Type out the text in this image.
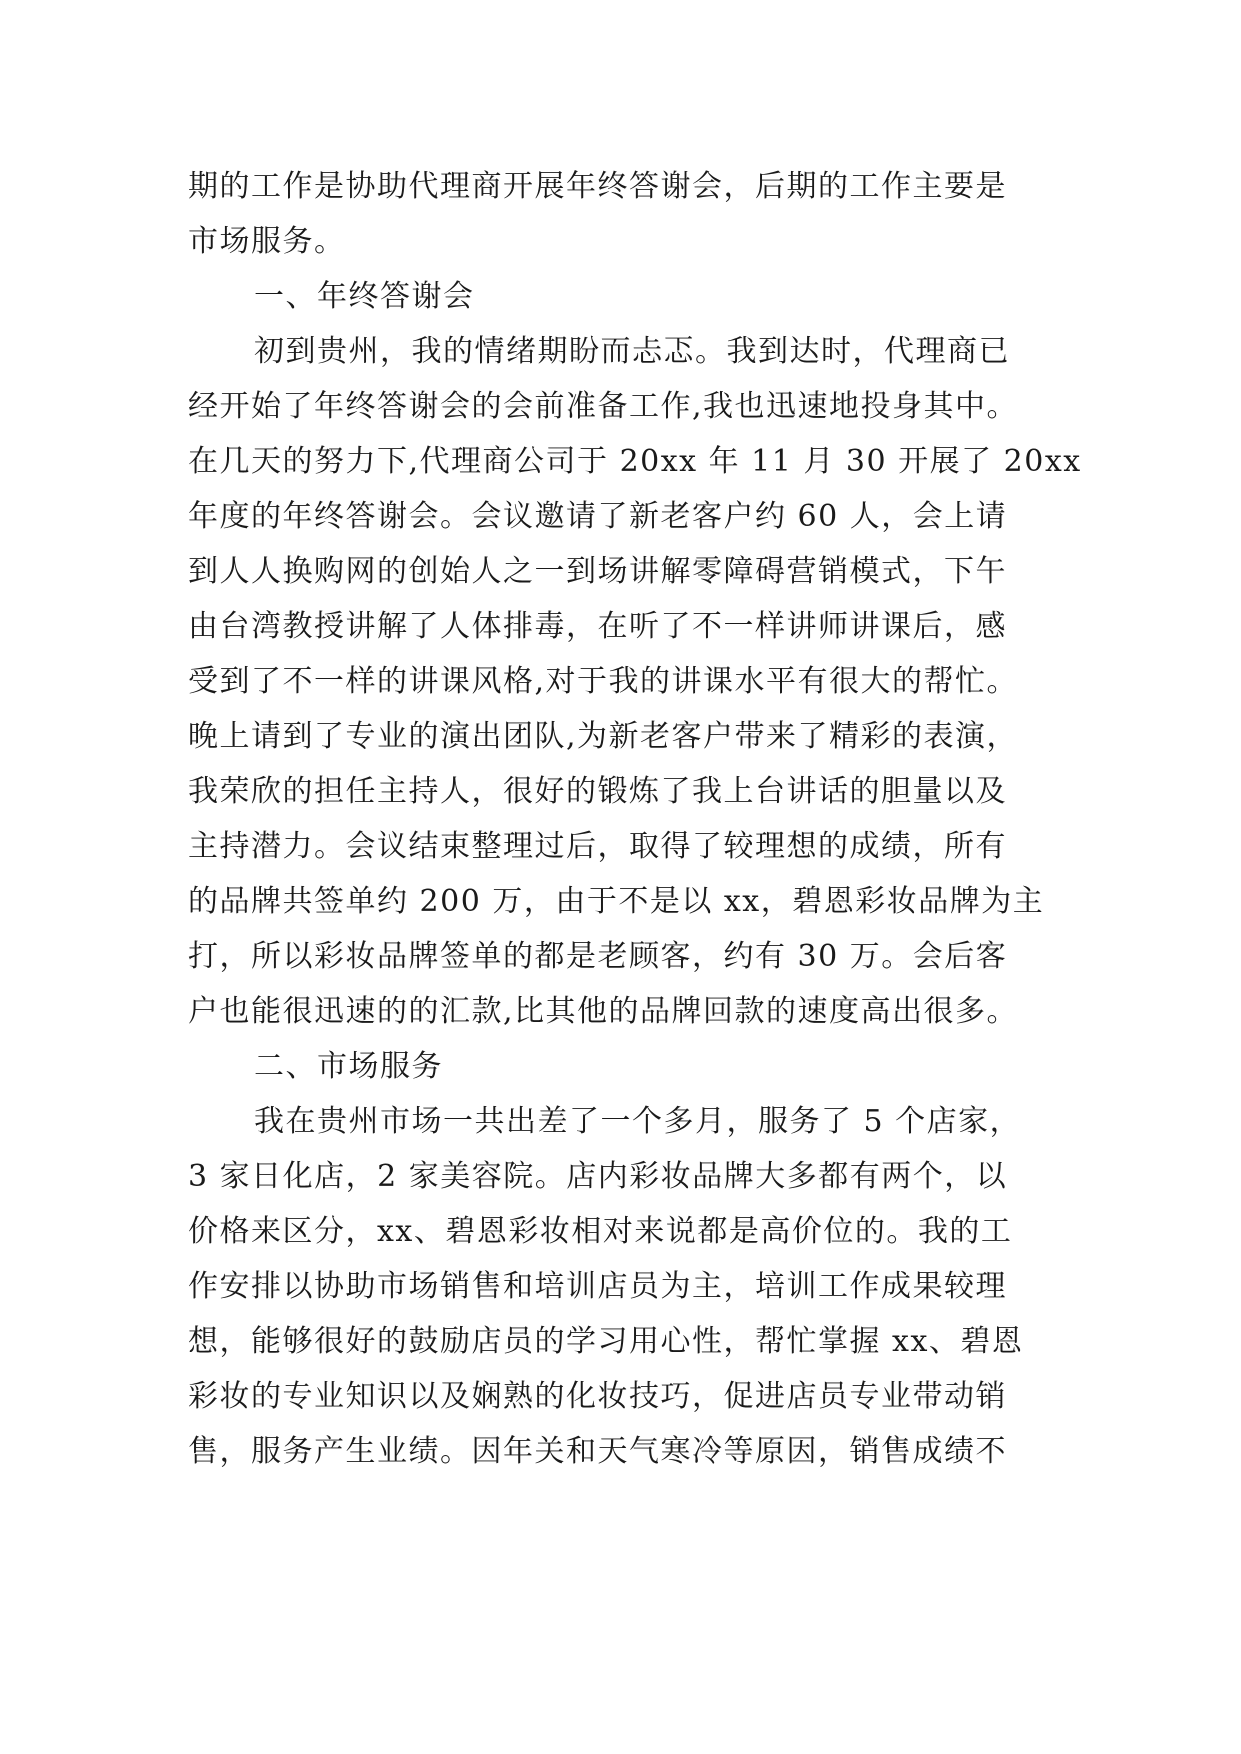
期的工作是协助代理商开展年终答谢会，后期的工作主要是

市场服务。

一、年终答谢会

初到贵州，我的情绪期盼而忐忑。我到达时，代理商已

经开始了年终答谢会的会前准备工作,我也迅速地投身其中。

在几天的努力下,代理商公司于 20xx 年 11 月 30 开展了 20xx

年度的年终答谢会。会议邀请了新老客户约 60 人，会上请

到人人换购网的创始人之一到场讲解零障碍营销模式，下午

由台湾教授讲解了人体排毒，在听了不一样讲师讲课后，感

受到了不一样的讲课风格,对于我的讲课水平有很大的帮忙。

晚上请到了专业的演出团队,为新老客户带来了精彩的表演，

我荣欣的担任主持人，很好的锻炼了我上台讲话的胆量以及

主持潜力。会议结束整理过后，取得了较理想的成绩，所有

的品牌共签单约 200 万，由于不是以 xx，碧恩彩妆品牌为主

打，所以彩妆品牌签单的都是老顾客，约有 30 万。会后客

户也能很迅速的的汇款,比其他的品牌回款的速度高出很多。

二、市场服务

我在贵州市场一共出差了一个多月，服务了 5 个店家，

3 家日化店，2 家美容院。店内彩妆品牌大多都有两个，以

价格来区分，xx、碧恩彩妆相对来说都是高价位的。我的工

作安排以协助市场销售和培训店员为主，培训工作成果较理

想，能够很好的鼓励店员的学习用心性，帮忙掌握 xx、碧恩

彩妆的专业知识以及娴熟的化妆技巧，促进店员专业带动销

售，服务产生业绩。因年关和天气寒冷等原因，销售成绩不
